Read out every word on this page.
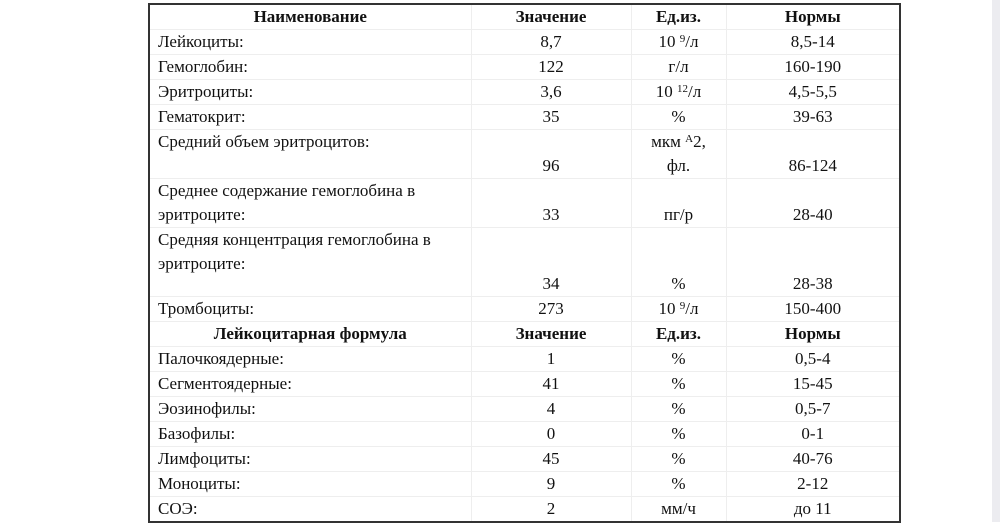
Наименование	Значение	Ед.из.	Нормы
Лейкоциты:	8,7	10 $^9$/л	8,5-14
Гемоглобин:	122	г/л	160-190
Эритроциты:	3,6	10 $^{12}$/л	4,5-5,5
Гематокрит:	35	%	39-63
Средний объем эритроцитов:	96	мкм $^A$2, фл.	86-124
Среднее содержание гемоглобина в эритроците:	33	пг/р	28-40
Средняя концентрация гемоглобина в эритроците:	34	%	28-38
Тромбоциты:	273	10 $^9$/л	150-400
Лейкоцитарная формула	Значение	Ед.из.	Нормы
Палочкоядерные:	1	%	0,5-4
Сегментоядерные:	41	%	15-45
Эозинофилы:	4	%	0,5-7
Базофилы:	0	%	0-1
Лимфоциты:	45	%	40-76
Моноциты:	9	%	2-12
СОЭ:	2	мм/ч	до 11
